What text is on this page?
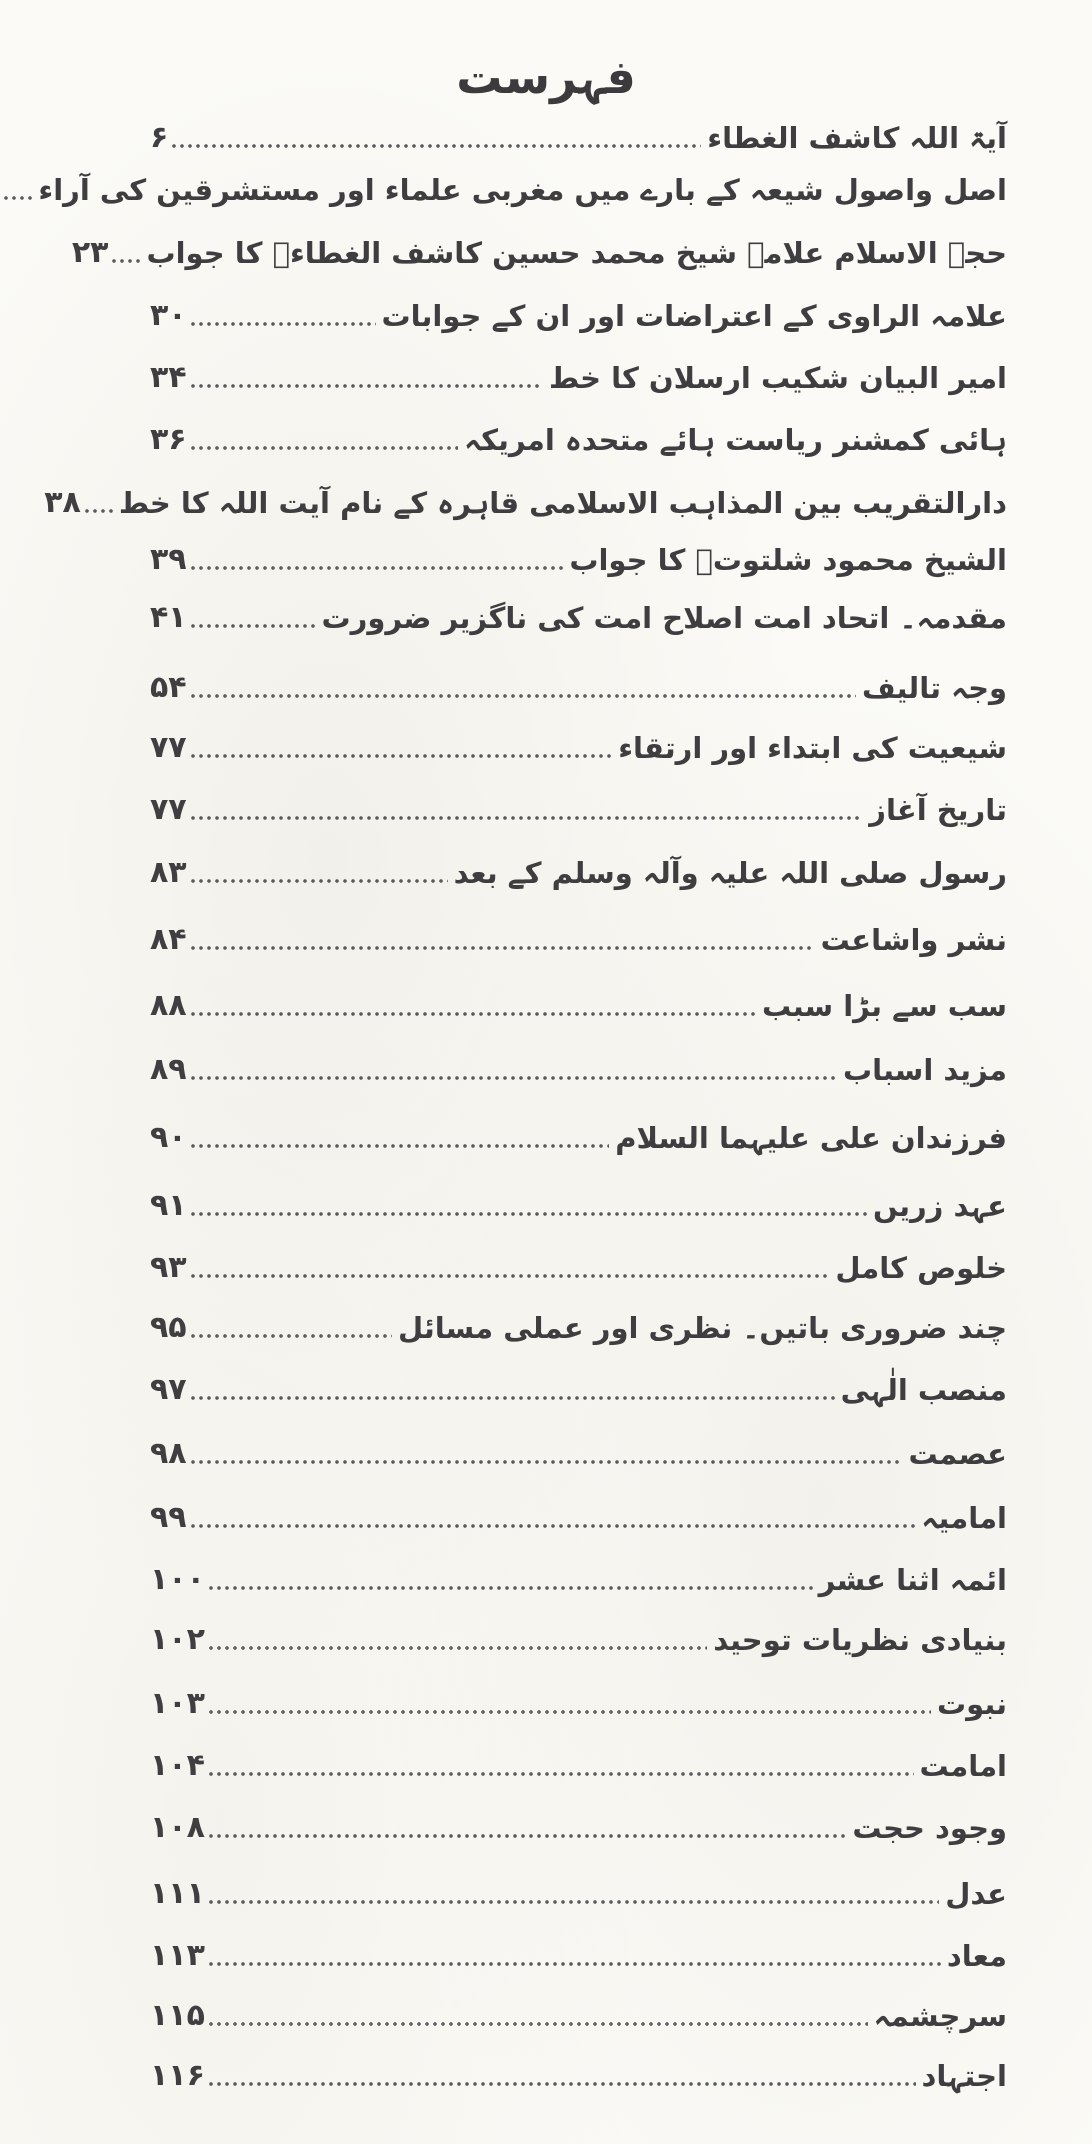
فہرست
آیۃ اللہ کاشف الغطاء
۶
اصل واصول شیعہ کے بارے میں مغربی علماء اور مستشرقین کی آراء
حجۃ الاسلام علامہ شیخ محمد حسین کاشف الغطاءؒ کا جواب
۲۳
علامہ الراوی کے اعتراضات اور ان کے جوابات
۳۰
امیر البیان شکیب ارسلان کا خط
۳۴
ہائی کمشنر ریاست ہائے متحدہ امریکہ
۳۶
دارالتقریب بین المذاہب الاسلامی قاہرہ کے نام آیت اللہ کا خط
۳۸
الشیخ محمود شلتوتؒ کا جواب
۳۹
مقدمہ۔ اتحاد امت اصلاح امت کی ناگزیر ضرورت
۴۱
وجہ تالیف
۵۴
شیعیت کی ابتداء اور ارتقاء
۷۷
تاریخ آغاز
۷۷
رسول صلی اللہ علیہ وآلہ وسلم کے بعد
۸۳
نشر واشاعت
۸۴
سب سے بڑا سبب
۸۸
مزید اسباب
۸۹
فرزندان علی علیہما السلام
۹۰
عہد زریں
۹۱
خلوص کامل
۹۳
چند ضروری باتیں۔ نظری اور عملی مسائل
۹۵
منصب الٰہی
۹۷
عصمت
۹۸
امامیہ
۹۹
ائمہ اثنا عشر
۱۰۰
بنیادی نظریات توحید
۱۰۲
نبوت
۱۰۳
امامت
۱۰۴
وجود حجت
۱۰۸
عدل
۱۱۱
معاد
۱۱۳
سرچشمہ
۱۱۵
اجتہاد
۱۱۶
